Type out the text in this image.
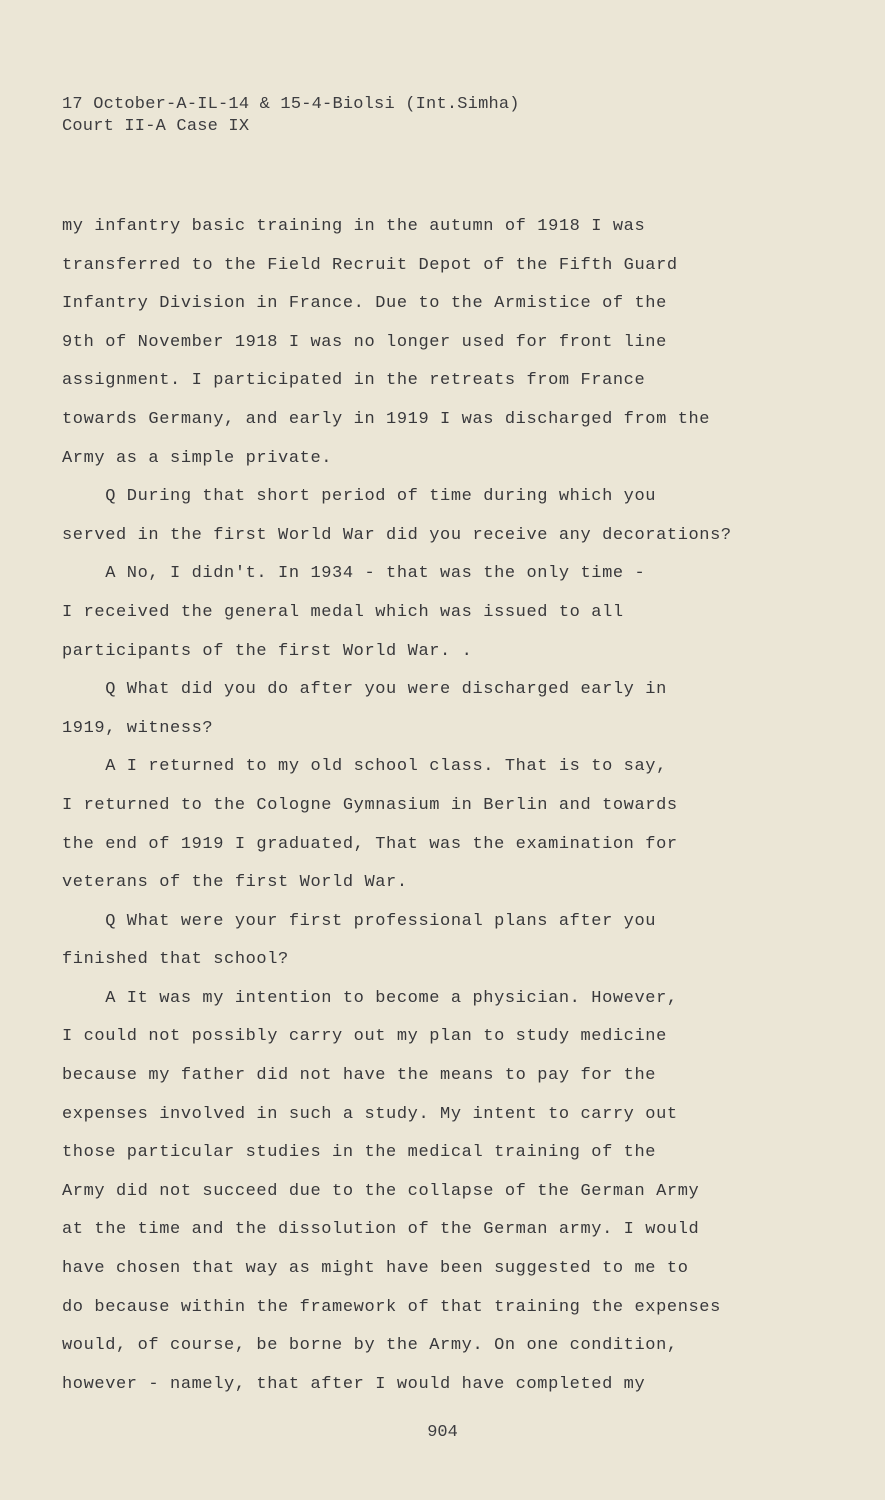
17 October-A-IL-14 & 15-4-Biolsi (Int.Simha)
Court II-A Case IX
my infantry basic training in the autumn of 1918 I was
transferred to the Field Recruit Depot of the Fifth Guard
Infantry Division in France. Due to the Armistice of the
9th of November 1918 I was no longer used for front line
assignment. I participated in the retreats from France
towards Germany, and early in 1919 I was discharged from the
Army as a simple private.
Q During that short period of time during which you
served in the first World War did you receive any decorations?
A No, I didn't. In 1934 - that was the only time -
I received the general medal which was issued to all
participants of the first World War. .
Q What did you do after you were discharged early in
1919, witness?
A I returned to my old school class. That is to say,
I returned to the Cologne Gymnasium in Berlin and towards
the end of 1919 I graduated, That was the examination for
veterans of the first World War.
Q What were your first professional plans after you
finished that school?
A It was my intention to become a physician. However,
I could not possibly carry out my plan to study medicine
because my father did not have the means to pay for the
expenses involved in such a study. My intent to carry out
those particular studies in the medical training of the
Army did not succeed due to the collapse of the German Army
at the time and the dissolution of the German army. I would
have chosen that way as might have been suggested to me to
do because within the framework of that training the expenses
would, of course, be borne by the Army. On one condition,
however - namely, that after I would have completed my
904
